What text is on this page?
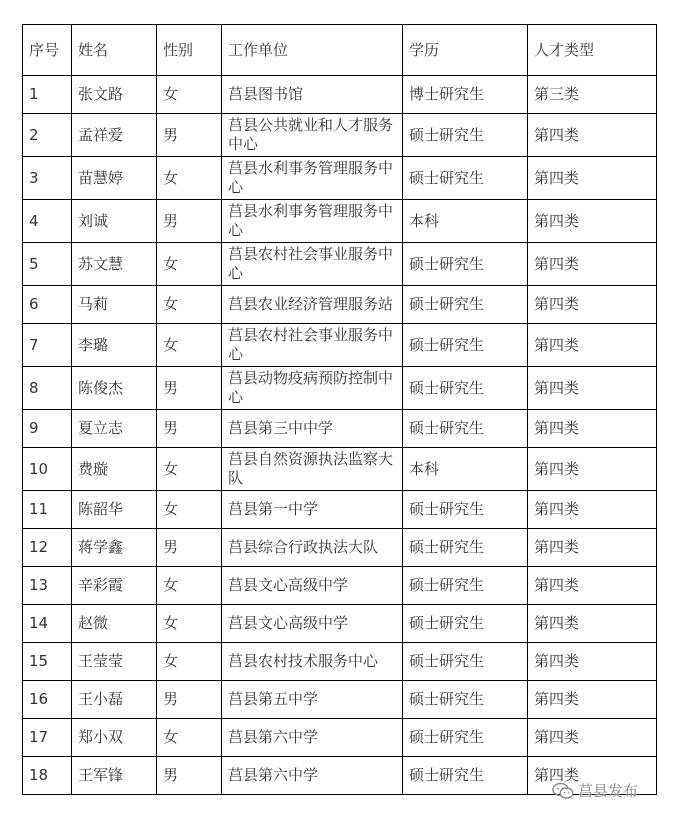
序号	姓名	性别	工作单位	学历	人才类型
1	张文路	女	莒县图书馆	博士研究生	第三类
2	孟祥爱	男	莒县公共就业和人才服务中心	硕士研究生	第四类
3	苗慧婷	女	莒县水利事务管理服务中心	硕士研究生	第四类
4	刘诚	男	莒县水利事务管理服务中心	本科	第四类
5	苏文慧	女	莒县农村社会事业服务中心	硕士研究生	第四类
6	马莉	女	莒县农业经济管理服务站	硕士研究生	第四类
7	李璐	女	莒县农村社会事业服务中心	硕士研究生	第四类
8	陈俊杰	男	莒县动物疫病预防控制中心	硕士研究生	第四类
9	夏立志	男	莒县第三中中学	硕士研究生	第四类
10	费璇	女	莒县自然资源执法监察大队	本科	第四类
11	陈韶华	女	莒县第一中学	硕士研究生	第四类
12	蒋学鑫	男	莒县综合行政执法大队	硕士研究生	第四类
13	辛彩霞	女	莒县文心高级中学	硕士研究生	第四类
14	赵微	女	莒县文心高级中学	硕士研究生	第四类
15	王莹莹	女	莒县农村技术服务中心	硕士研究生	第四类
16	王小磊	男	莒县第五中学	硕士研究生	第四类
17	郑小双	女	莒县第六中学	硕士研究生	第四类
18	王军锋	男	莒县第六中学	硕士研究生	第四类
莒县发布
